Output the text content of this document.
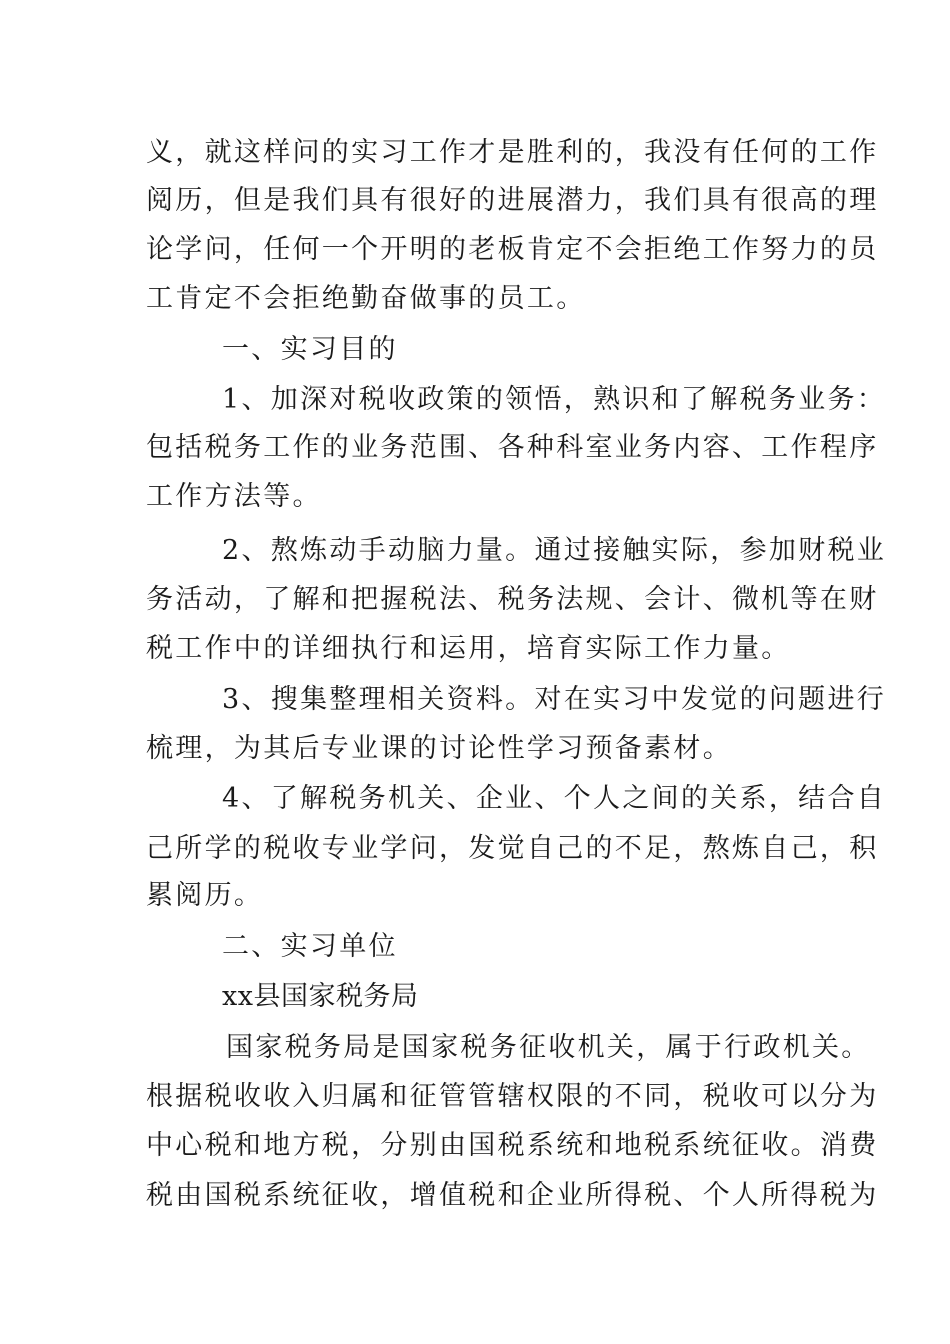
义，就这样问的实习工作才是胜利的，我没有任何的工作
阅历，但是我们具有很好的进展潜力，我们具有很高的理
论学问，任何一个开明的老板肯定不会拒绝工作努力的员
工肯定不会拒绝勤奋做事的员工。
一、实习目的
1、加深对税收政策的领悟，熟识和了解税务业务：
包括税务工作的业务范围、各种科室业务内容、工作程序
工作方法等。
2、熬炼动手动脑力量。通过接触实际，参加财税业
务活动，了解和把握税法、税务法规、会计、微机等在财
税工作中的详细执行和运用，培育实际工作力量。
3、搜集整理相关资料。对在实习中发觉的问题进行
梳理，为其后专业课的讨论性学习预备素材。
4、了解税务机关、企业、个人之间的关系，结合自
己所学的税收专业学问，发觉自己的不足，熬炼自己，积
累阅历。
二、实习单位
xx县国家税务局
国家税务局是国家税务征收机关，属于行政机关。
根据税收收入归属和征管管辖权限的不同，税收可以分为
中心税和地方税，分别由国税系统和地税系统征收。消费
税由国税系统征收，增值税和企业所得税、个人所得税为
